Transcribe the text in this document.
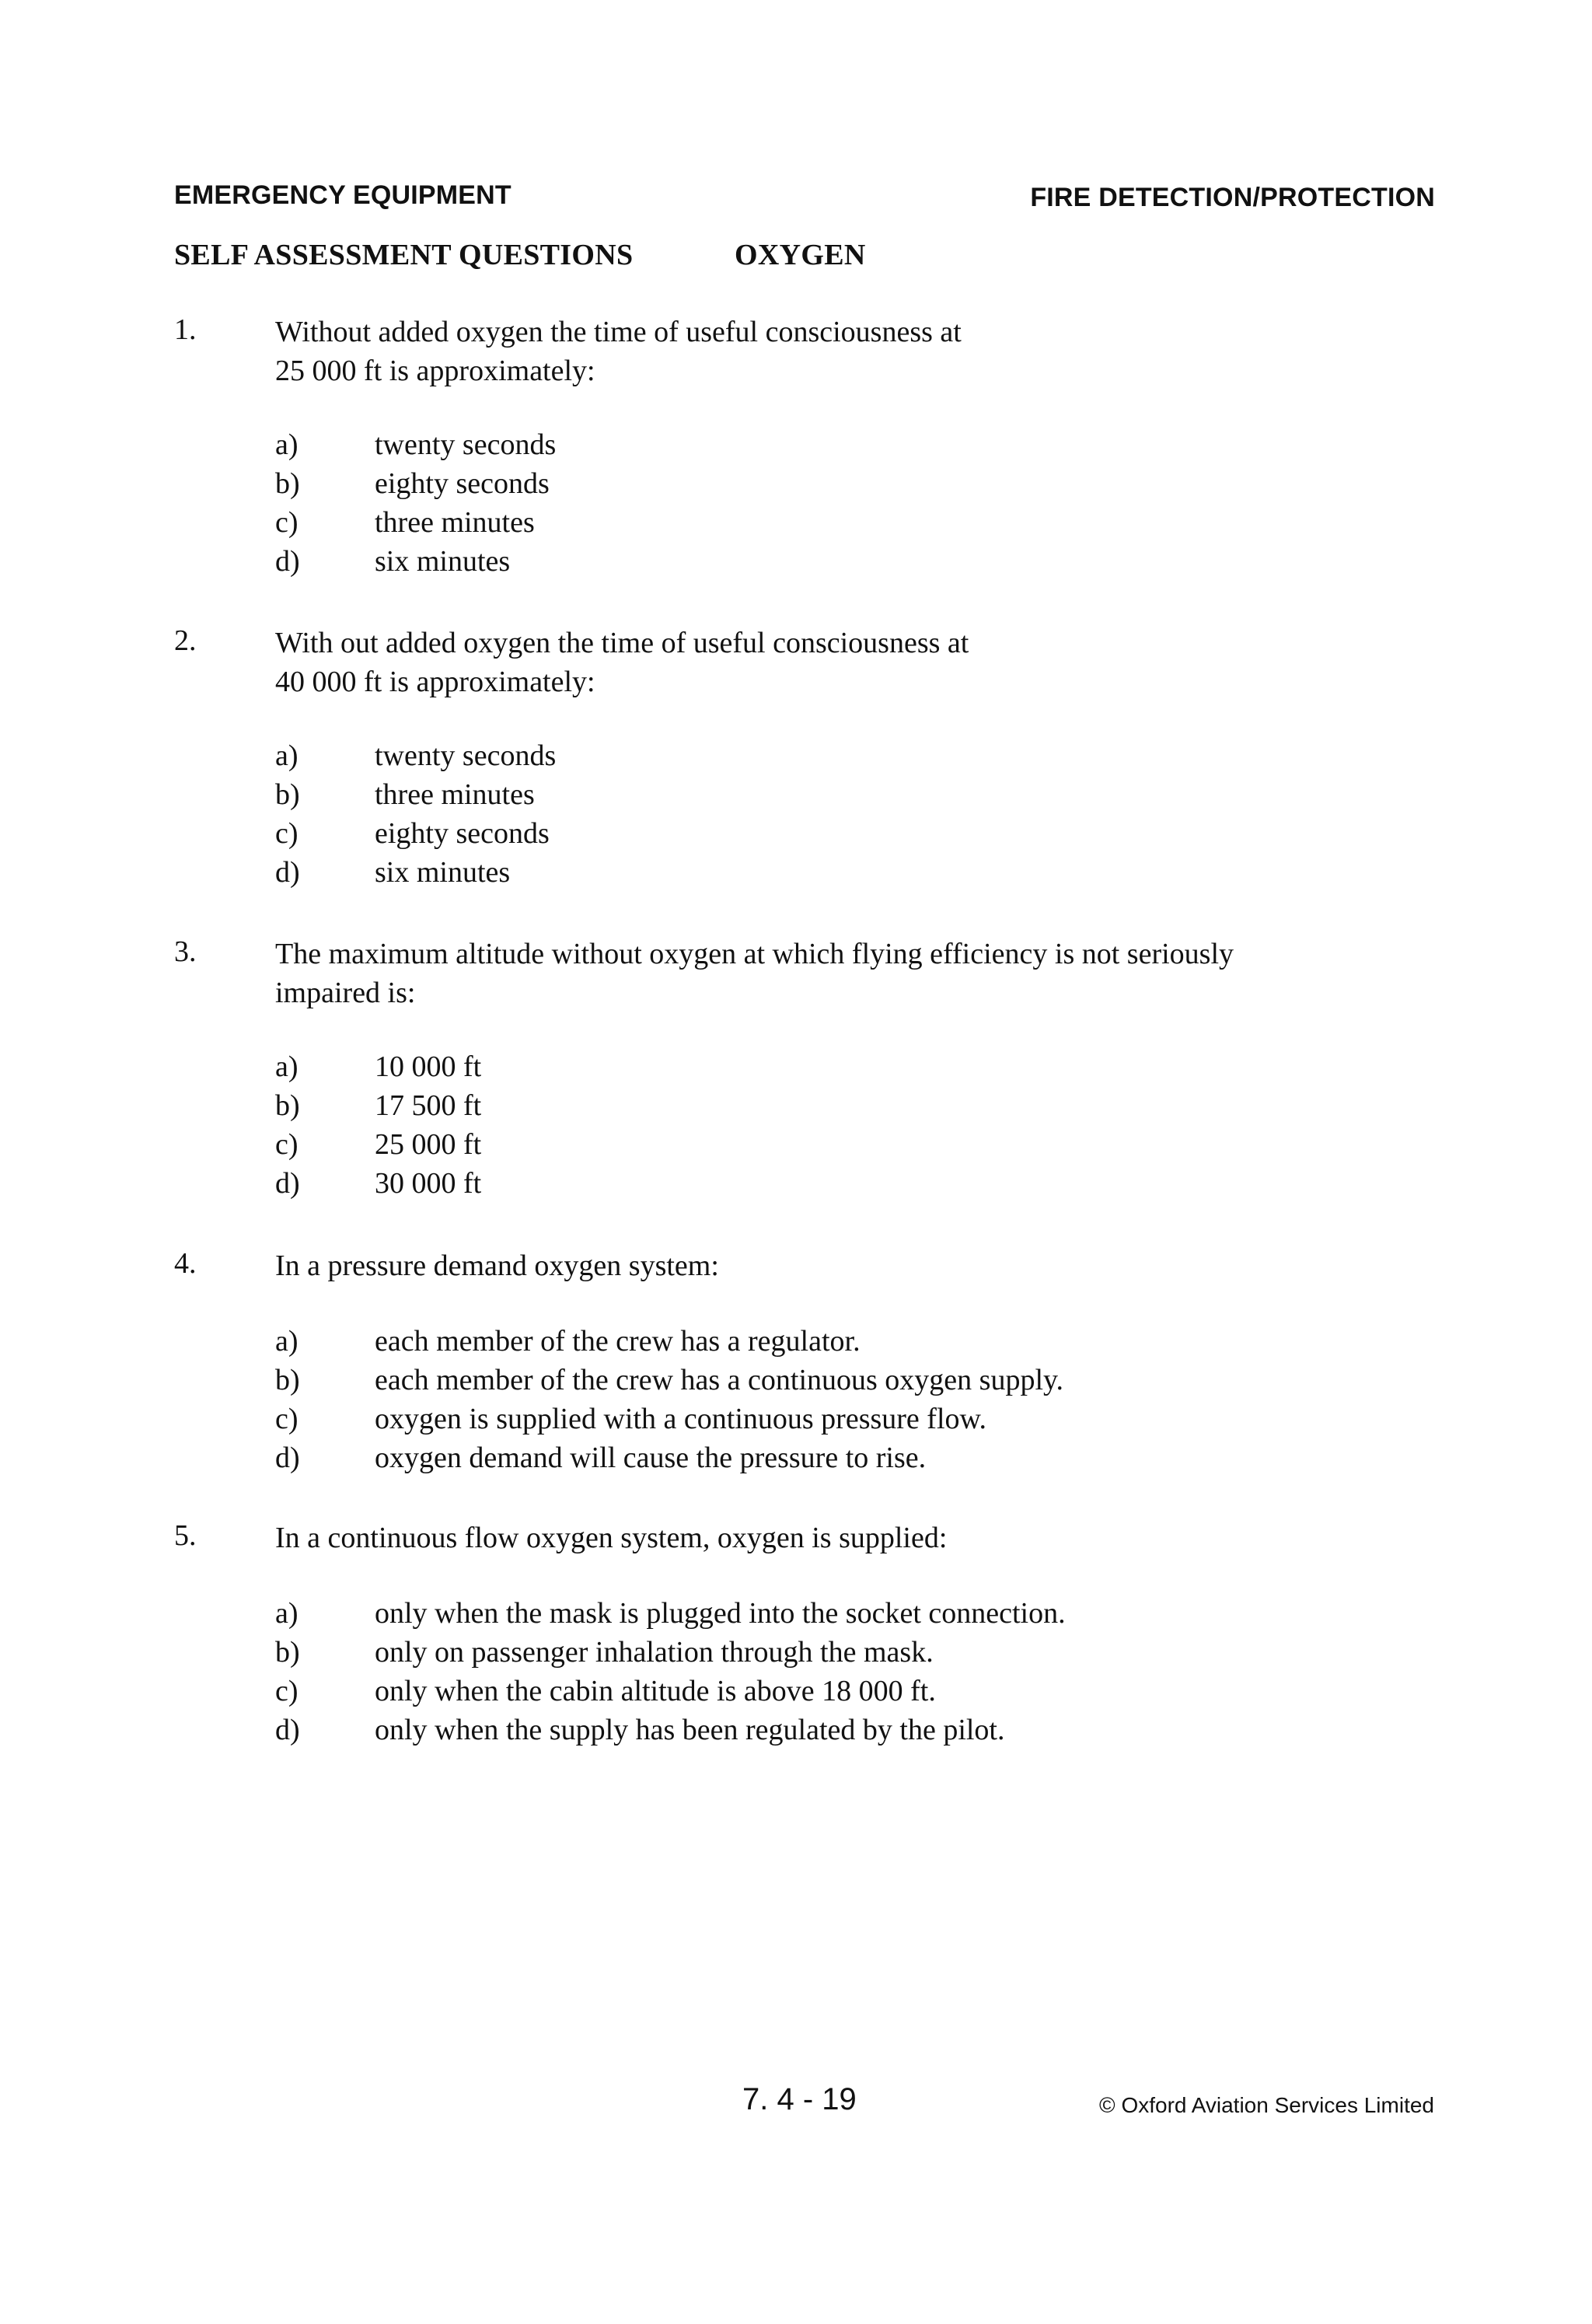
EMERGENCY EQUIPMENT	FIRE DETECTION/PROTECTION
SELF ASSESSMENT QUESTIONS	OXYGEN
1.	Without added oxygen the time of useful consciousness at
25 000 ft is approximately:
a)	twenty seconds
b)	eighty seconds
c)	three minutes
d)	six minutes
2.	With out added oxygen the time of useful consciousness at
40 000 ft is approximately:
a)	twenty seconds
b)	three minutes
c)	eighty seconds
d)	six minutes
3.	The maximum altitude without oxygen at which flying efficiency is not seriously
impaired is:
a)	10 000 ft
b)	17 500 ft
c)	25 000 ft
d)	30 000 ft
4.	In a pressure demand oxygen system:
a)	each member of the crew has a regulator.
b)	each member of the crew has a continuous oxygen supply.
c)	oxygen is supplied with a continuous pressure flow.
d)	oxygen demand will cause the pressure to rise.
5.	In a continuous flow oxygen system, oxygen is supplied:
a)	only when the mask is plugged into the socket connection.
b)	only on passenger inhalation through the mask.
c)	only when the cabin altitude is above 18 000 ft.
d)	only when the supply has been regulated by the pilot.
7. 4 - 19	© Oxford Aviation Services Limited
